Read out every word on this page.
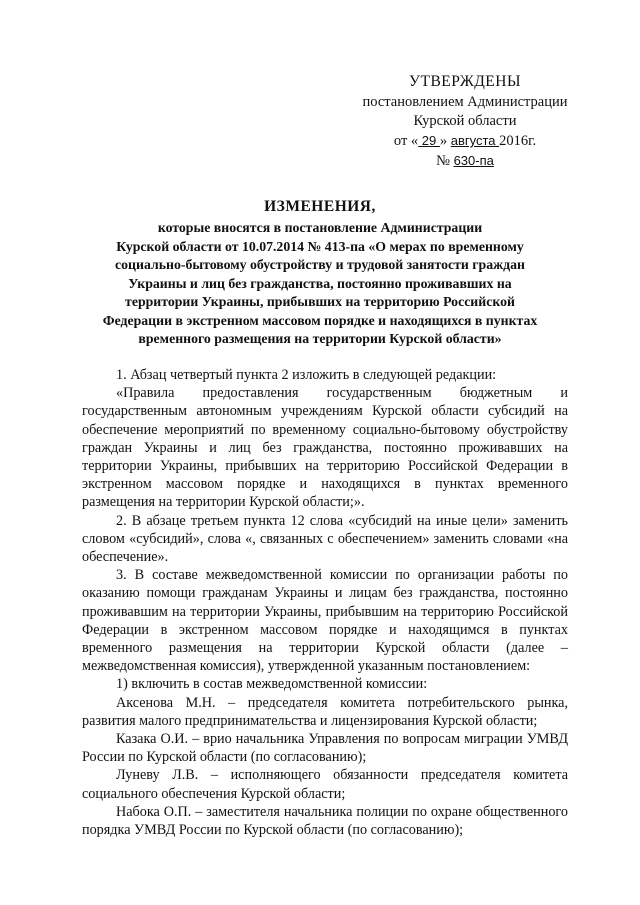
УТВЕРЖДЕНЫ
постановлением Администрации
Курской области
от « 29 » августа 2016г.
№ 630-па
ИЗМЕНЕНИЯ,
которые вносятся в постановление Администрации
Курской области от 10.07.2014 № 413-па «О мерах по временному
социально-бытовому обустройству и трудовой занятости граждан
Украины и лиц без гражданства, постоянно проживавших на
территории Украины, прибывших на территорию Российской
Федерации в экстренном массовом порядке и находящихся в пунктах
временного размещения на территории Курской области»

1. Абзац четвертый пункта 2 изложить в следующей редакции:

«Правила предоставления государственным бюджетным и государственным автономным учреждениям Курской области субсидий на обеспечение мероприятий по временному социально-бытовому обустройству граждан Украины и лиц без гражданства, постоянно проживавших на территории Украины, прибывших на территорию Российской Федерации в экстренном массовом порядке и находящихся в пунктах временного размещения на территории Курской области;».

2. В абзаце третьем пункта 12 слова «субсидий на иные цели» заменить словом «субсидий», слова «, связанных с обеспечением» заменить словами «на обеспечение».

3. В составе межведомственной комиссии по организации работы по оказанию помощи гражданам Украины и лицам без гражданства, постоянно проживавшим на территории Украины, прибывшим на территорию Российской Федерации в экстренном массовом порядке и находящимся в пунктах временного размещения на территории Курской области (далее – межведомственная комиссия), утвержденной указанным постановлением:

1) включить в состав межведомственной комиссии:

Аксенова М.Н. – председателя комитета потребительского рынка, развития малого предпринимательства и лицензирования Курской области;

Казака О.И. – врио начальника Управления по вопросам миграции УМВД России по Курской области (по согласованию);

Луневу Л.В. – исполняющего обязанности председателя комитета социального обеспечения Курской области;

Набока О.П. – заместителя начальника полиции по охране общественного порядка УМВД России по Курской области (по согласованию);
